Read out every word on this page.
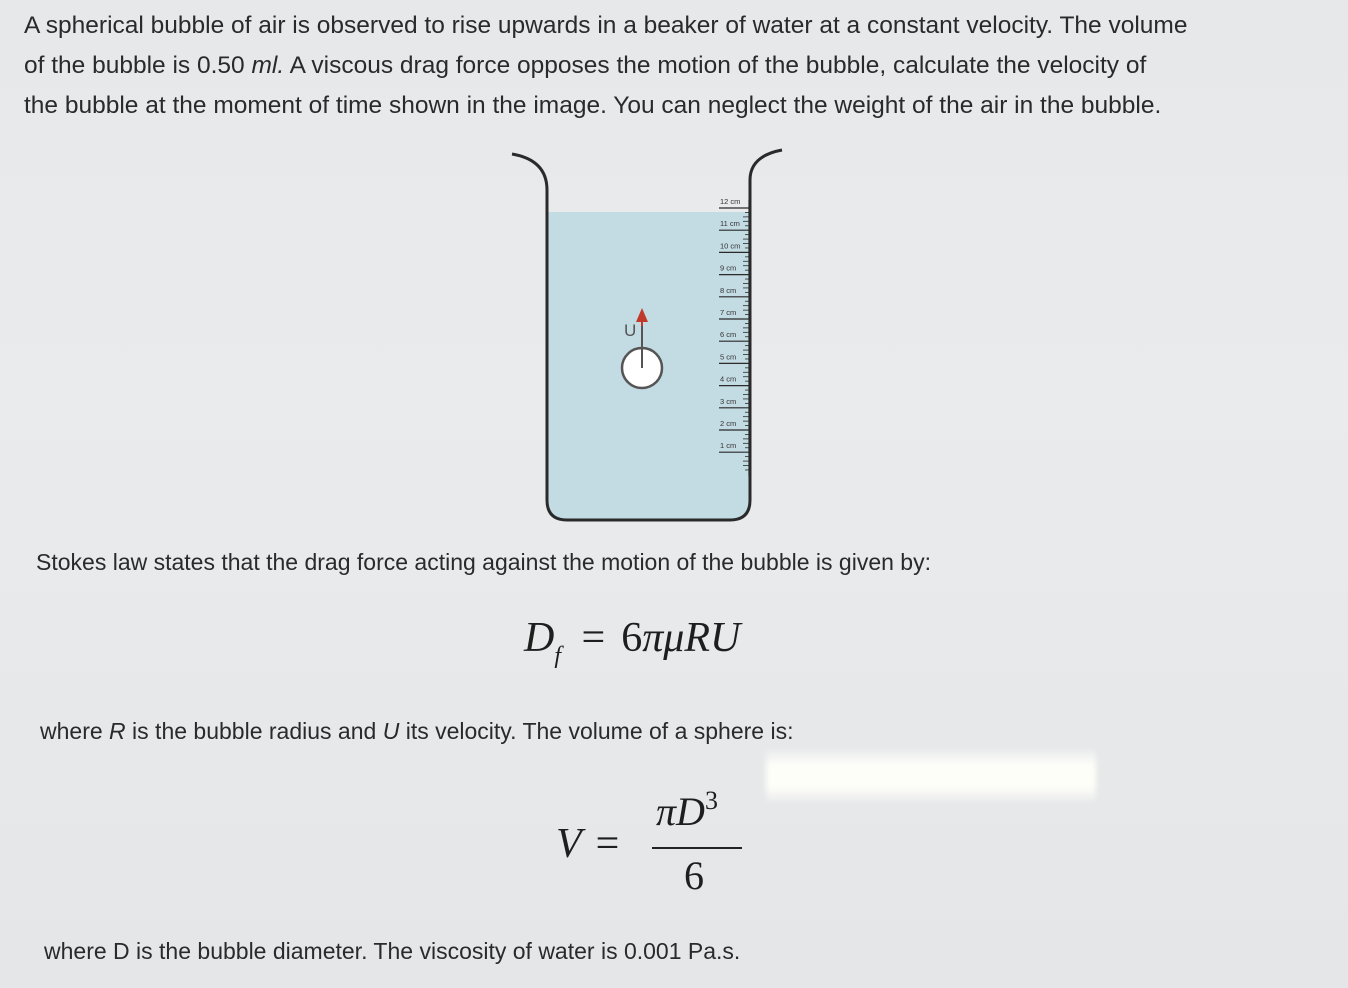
A spherical bubble of air is observed to rise upwards in a beaker of water at a constant velocity. The volume

of the bubble is 0.50 ml. A viscous drag force opposes the motion of the bubble, calculate the velocity of

the bubble at the moment of time shown in the image. You can neglect the weight of the air in the bubble.

12 cm
11 cm
10 cm
9 cm
8 cm
7 cm
6 cm
5 cm
4 cm
3 cm
2 cm
1 cm
U
Stokes law states that the drag force acting against the motion of the bubble is given by:
$D_f = 6\pi\mu RU$
where R is the bubble radius and U its velocity. The volume of a sphere is:
V =
$\pi D^3$
6
where D is the bubble diameter. The viscosity of water is 0.001 Pa.s.
